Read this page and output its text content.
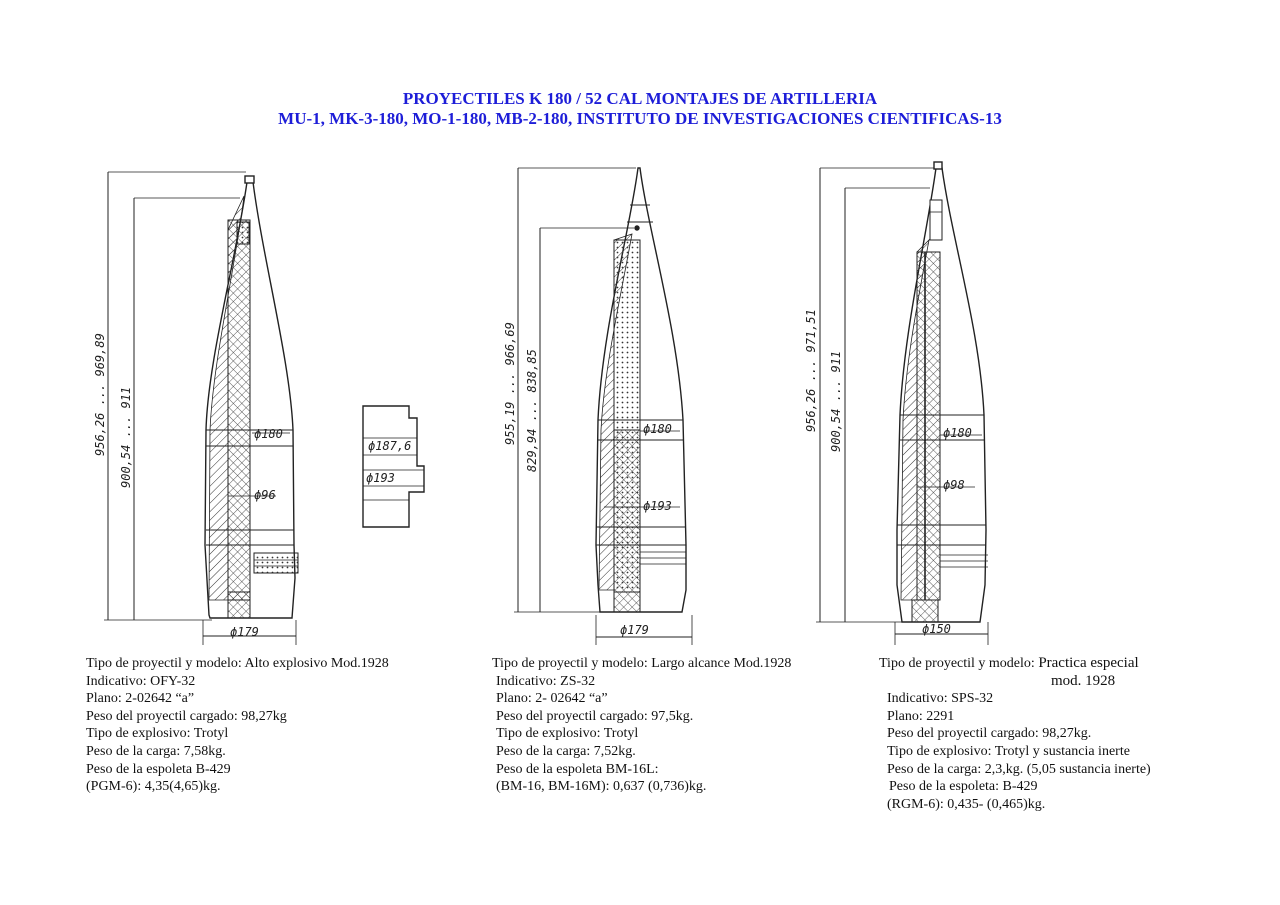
PROYECTILES K 180 / 52 CAL MONTAJES DE ARTILLERIA
MU-1, MK-3-180, MO-1-180, MB-2-180, INSTITUTO DE INVESTIGACIONES CIENTIFICAS-13
956,26 ... 969,89 900,54 ... 911	ϕ180
ϕ96
ϕ179
ϕ187,6
ϕ193
955,19 ... 966,69 829,94 ... 838,85	ϕ180
ϕ193
ϕ179
956,26 ... 971,51 900,54 ... 911	ϕ180
ϕ98
ϕ150
Tipo de proyectil y modelo: Alto explosivo Mod.1928
Indicativo: OFY-32
Plano: 2-02642 “a”
Peso del proyectil cargado: 98,27kg
Tipo de explosivo: Trotyl
Peso de la carga: 7,58kg.
Peso de la espoleta B-429
(PGM-6): 4,35(4,65)kg.
Tipo de proyectil y modelo: Largo alcance Mod.1928
Indicativo: ZS-32
Plano: 2- 02642 “a”
Peso del proyectil cargado: 97,5kg.
Tipo de explosivo: Trotyl
Peso de la carga: 7,52kg.
Peso de la espoleta BM-16L:
(BM-16, BM-16M): 0,637 (0,736)kg.
Tipo de proyectil y modelo: Practica especial
mod. 1928
Indicativo: SPS-32
Plano: 2291
Peso del proyectil cargado: 98,27kg.
Tipo de explosivo: Trotyl y sustancia inerte
Peso de la carga: 2,3,kg. (5,05 sustancia inerte)
Peso de la espoleta: B-429
(RGM-6): 0,435- (0,465)kg.
